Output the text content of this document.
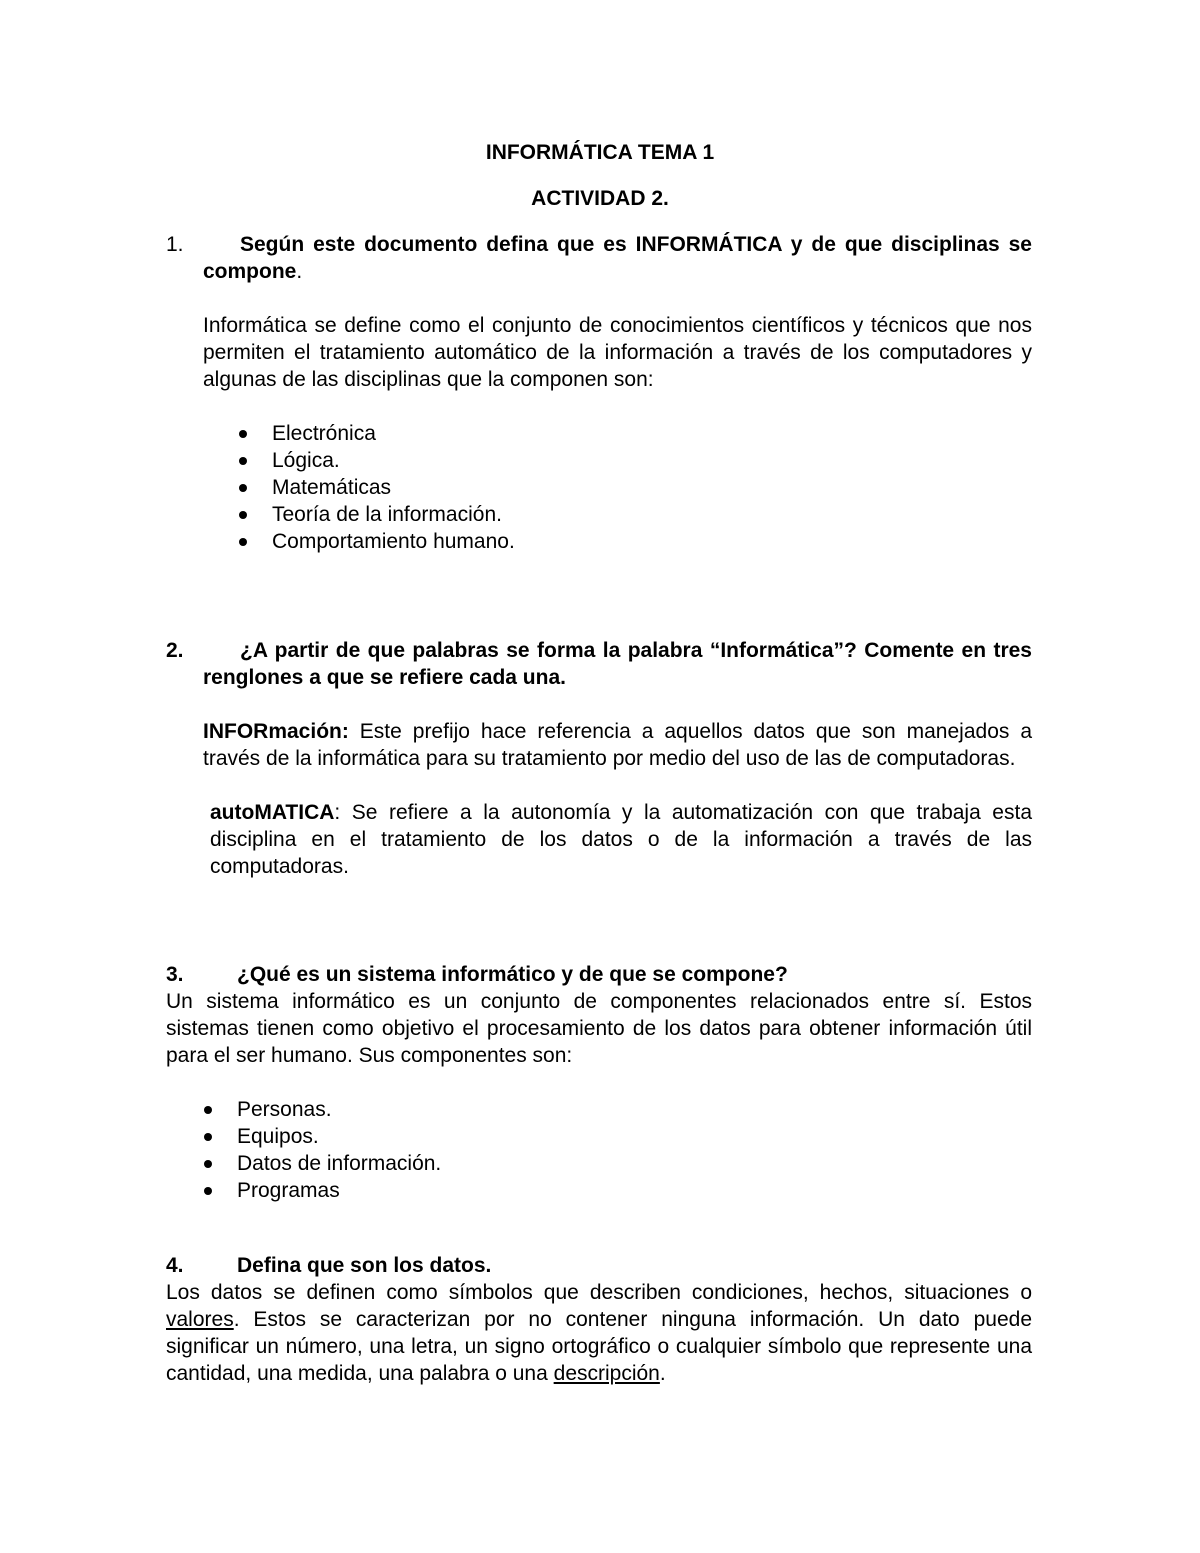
INFORMÁTICA TEMA 1
ACTIVIDAD 2.
1.	Según este documento defina que es INFORMÁTICA y de que disciplinas se compone.
Informática se define como el conjunto de conocimientos científicos y técnicos que nos permiten el tratamiento automático de la información a través de los computadores y algunas de las disciplinas que la componen son:
Electrónica
Lógica.
Matemáticas
Teoría de la información.
Comportamiento humano.
2.	¿A partir de que palabras se forma la palabra “Informática”? Comente en tres renglones a que se refiere cada una.
INFORmación: Este prefijo hace referencia a aquellos datos que son manejados a través de la informática para su tratamiento por medio del uso de las de computadoras.
autoMATICA: Se refiere a la autonomía y la automatización con que trabaja esta disciplina en el tratamiento de los datos o de la información a través de las computadoras.
3.	¿Qué es un sistema informático y de que se compone?
Un sistema informático es un conjunto de componentes relacionados entre sí. Estos sistemas tienen como objetivo el procesamiento de los datos para obtener información útil para el ser humano. Sus componentes son:
Personas.
Equipos.
Datos de información.
Programas
4.	Defina que son los datos.
Los datos se definen como símbolos que describen condiciones, hechos, situaciones o valores. Estos se caracterizan por no contener ninguna información. Un dato puede significar un número, una letra, un signo ortográfico o cualquier símbolo que represente una cantidad, una medida, una palabra o una descripción.
